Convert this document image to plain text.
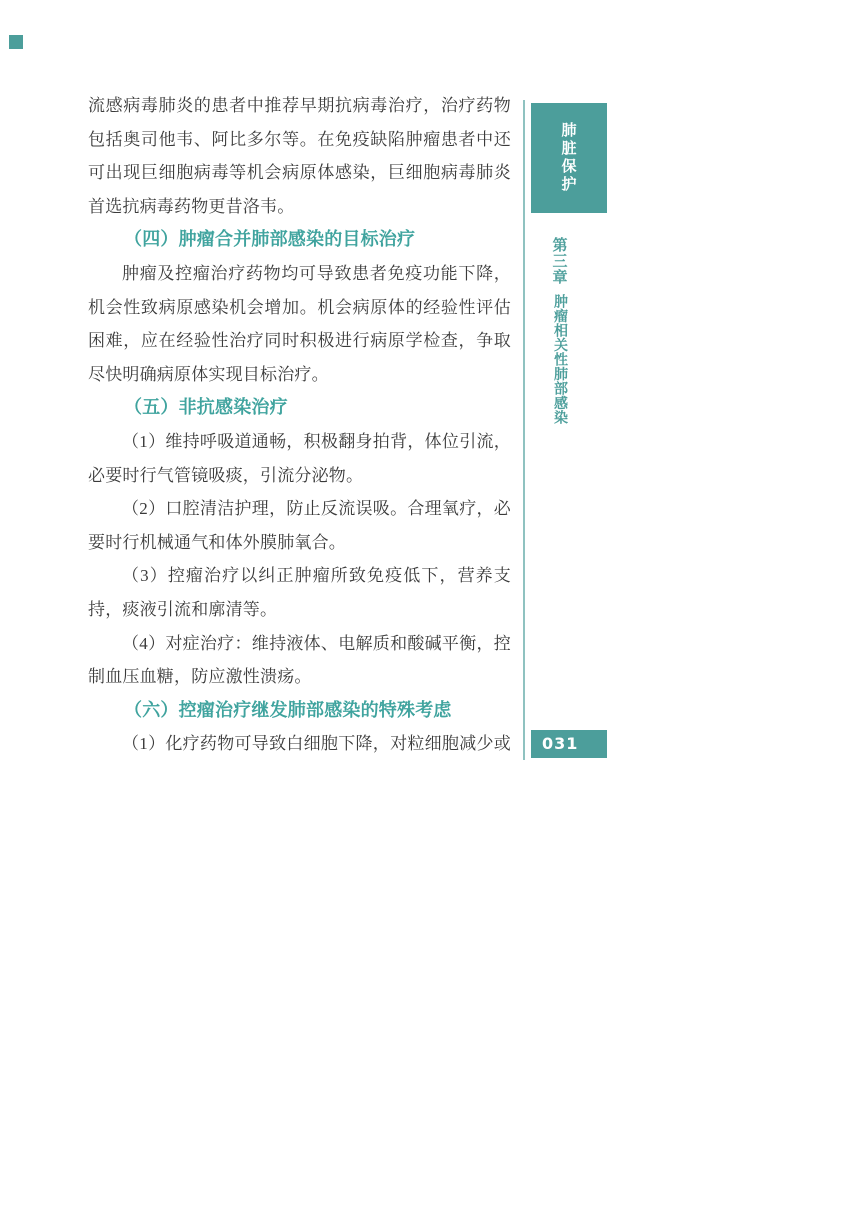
流感病毒肺炎的患者中推荐早期抗病毒治疗，治疗药物
包括奥司他韦、阿比多尔等。在免疫缺陷肿瘤患者中还
可出现巨细胞病毒等机会病原体感染，巨细胞病毒肺炎
首选抗病毒药物更昔洛韦。
（四）肿瘤合并肺部感染的目标治疗
肿瘤及控瘤治疗药物均可导致患者免疫功能下降，
机会性致病原感染机会增加。机会病原体的经验性评估
困难，应在经验性治疗同时积极进行病原学检查，争取
尽快明确病原体实现目标治疗。
（五）非抗感染治疗
（1）维持呼吸道通畅，积极翻身拍背，体位引流，
必要时行气管镜吸痰，引流分泌物。
（2）口腔清洁护理，防止反流误吸。合理氧疗，必
要时行机械通气和体外膜肺氧合。
（3）控瘤治疗以纠正肿瘤所致免疫低下，营养支
持，痰液引流和廓清等。
（4）对症治疗：维持液体、电解质和酸碱平衡，控
制血压血糖，防应激性溃疡。
（六）控瘤治疗继发肺部感染的特殊考虑
（1）化疗药物可导致白细胞下降，对粒细胞减少或
肺脏保护
第三章
肿瘤相关性肺部感染
031
